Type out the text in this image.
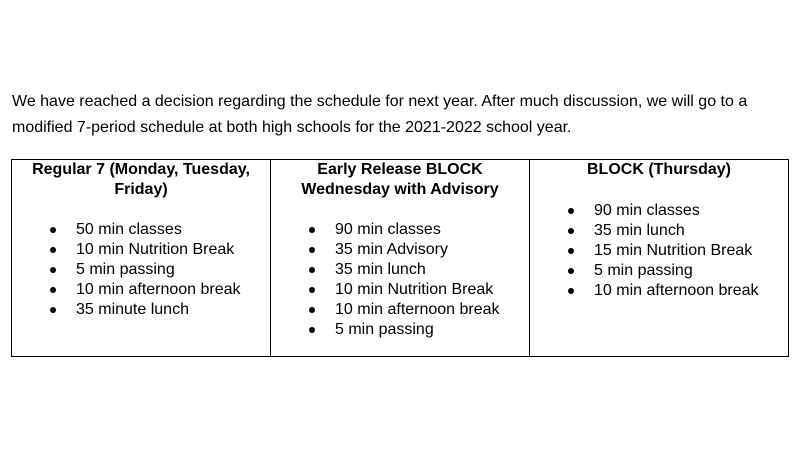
We have reached a decision regarding the schedule for next year. After much discussion, we will go to a modified 7-period schedule at both high schools for the 2021-2022 school year.

Regular 7 (Monday, Tuesday, Friday)
50 min classes
10 min Nutrition Break
5 min passing
10 min afternoon break
35 minute lunch

Early Release BLOCK Wednesday with Advisory
90 min classes
35 min Advisory
35 min lunch
10 min Nutrition Break
10 min afternoon break
5 min passing

BLOCK (Thursday)
90 min classes
35 min lunch
15 min Nutrition Break
5 min passing
10 min afternoon break
